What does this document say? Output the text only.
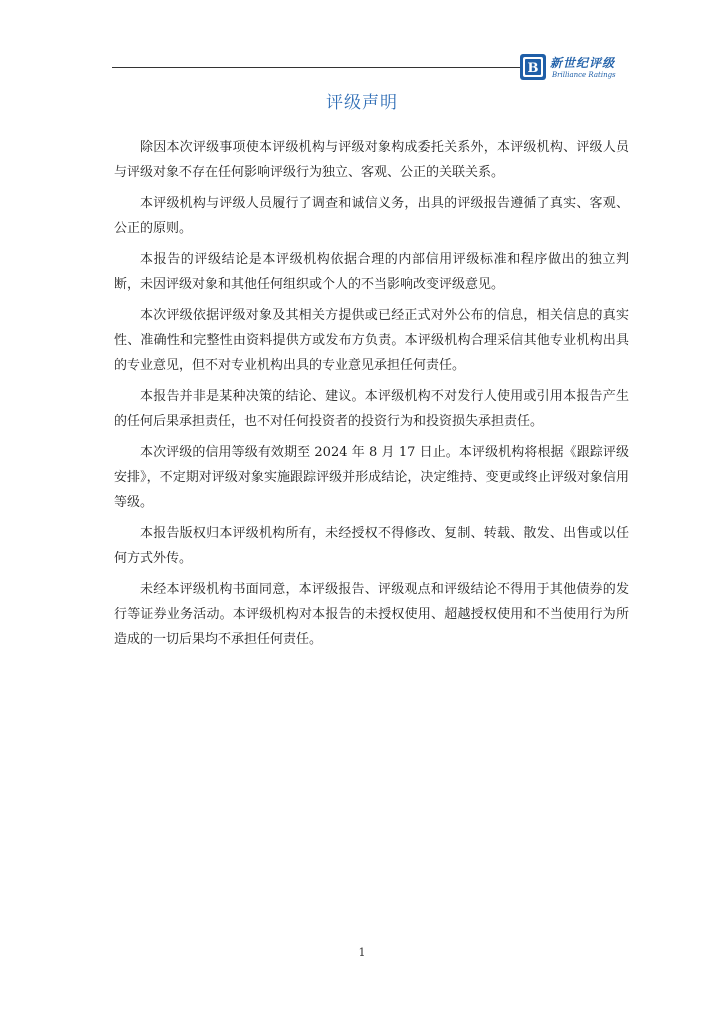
B 新世纪评级
Brilliance Ratings
评级声明

除因本次评级事项使本评级机构与评级对象构成委托关系外，本评级机构、评级人员与评级对象不存在任何影响评级行为独立、客观、公正的关联关系。

本评级机构与评级人员履行了调查和诚信义务，出具的评级报告遵循了真实、客观、公正的原则。

本报告的评级结论是本评级机构依据合理的内部信用评级标准和程序做出的独立判断，未因评级对象和其他任何组织或个人的不当影响改变评级意见。

本次评级依据评级对象及其相关方提供或已经正式对外公布的信息，相关信息的真实性、准确性和完整性由资料提供方或发布方负责。本评级机构合理采信其他专业机构出具的专业意见，但不对专业机构出具的专业意见承担任何责任。

本报告并非是某种决策的结论、建议。本评级机构不对发行人使用或引用本报告产生的任何后果承担责任，也不对任何投资者的投资行为和投资损失承担责任。

本次评级的信用等级有效期至 2024 年 8 月 17 日止。本评级机构将根据《跟踪评级安排》，不定期对评级对象实施跟踪评级并形成结论，决定维持、变更或终止评级对象信用等级。

本报告版权归本评级机构所有，未经授权不得修改、复制、转载、散发、出售或以任何方式外传。

未经本评级机构书面同意，本评级报告、评级观点和评级结论不得用于其他债券的发行等证券业务活动。本评级机构对本报告的未授权使用、超越授权使用和不当使用行为所造成的一切后果均不承担任何责任。

1
